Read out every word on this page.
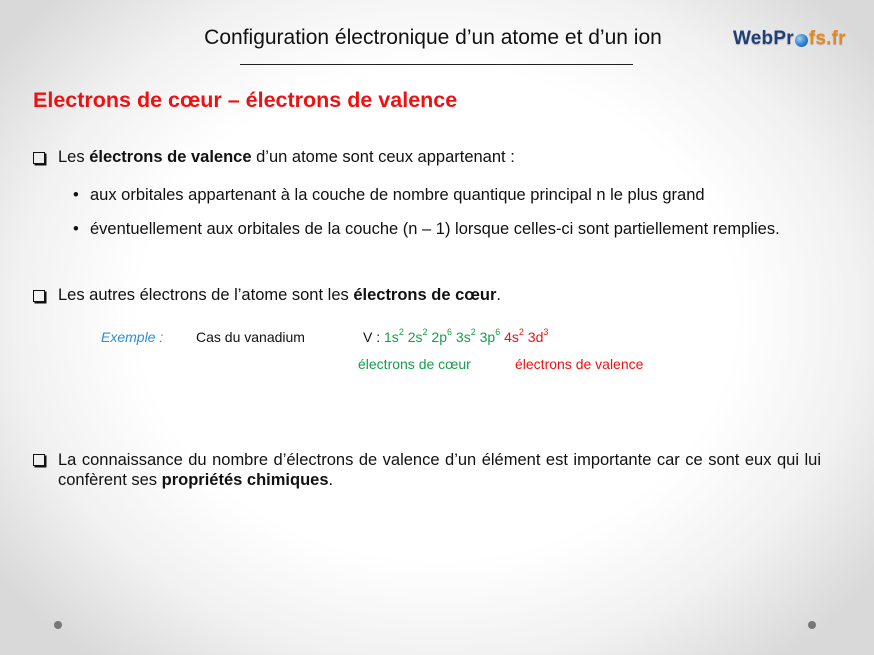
Configuration électronique d’un atome et d’un ion	WebPr fs.fr
Electrons de cœur – électrons de valence
Les électrons de valence d’un atome sont ceux appartenant :
• aux orbitales appartenant à la couche de nombre quantique principal n le plus grand
• éventuellement aux orbitales de la couche (n – 1) lorsque celles-ci sont partiellement remplies.
Les autres électrons de l’atome sont les électrons de cœur.
Exemple : Cas du vanadium	V : $1s^2$ $2s^2$ $2p^6$ $3s^2$ $3p^6$ $4s^2$ $3d^3$
électrons de cœur	électrons de valence
La connaissance du nombre d’électrons de valence d’un élément est importante car ce sont eux qui lui confèrent ses propriétés chimiques.
